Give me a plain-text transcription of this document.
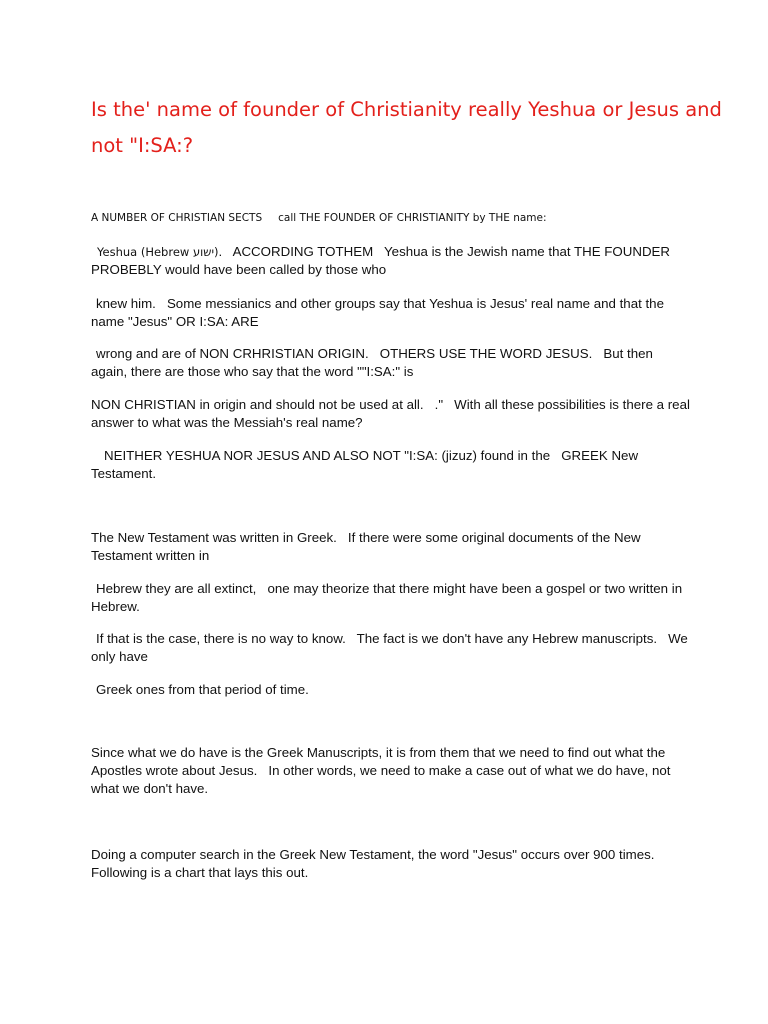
Is the' name of founder of Christianity really Yeshua or Jesus and not "I:SA:?

A NUMBER OF CHRISTIAN SECTS call THE FOUNDER OF CHRISTIANITY by THE name:

Yeshua (Hebrew ישוע).   ACCORDING TOTHEM   Yeshua is the Jewish name that THE FOUNDER PROBEBLY would have been called by those who

knew him.   Some messianics and other groups say that Yeshua is Jesus' real name and that the name "Jesus" OR I:SA: ARE

wrong and are of NON CRHRISTIAN ORIGIN.   OTHERS USE THE WORD JESUS.   But then again, there are those who say that the word ""I:SA:" is

NON CHRISTIAN in origin and should not be used at all.   ."   With all these possibilities is there a real answer to what was the Messiah's real name?

NEITHER YESHUA NOR JESUS AND ALSO NOT "I:SA: (jizuz) found in the   GREEK New Testament.

The New Testament was written in Greek.   If there were some original documents of the New Testament written in

Hebrew they are all extinct,   one may theorize that there might have been a gospel or two written in Hebrew.

If that is the case, there is no way to know.   The fact is we don't have any Hebrew manuscripts.   We only have

Greek ones from that period of time.

Since what we do have is the Greek Manuscripts, it is from them that we need to find out what the Apostles wrote about Jesus.   In other words, we need to make a case out of what we do have, not what we don't have.

Doing a computer search in the Greek New Testament, the word "Jesus" occurs over 900 times. Following is a chart that lays this out.
